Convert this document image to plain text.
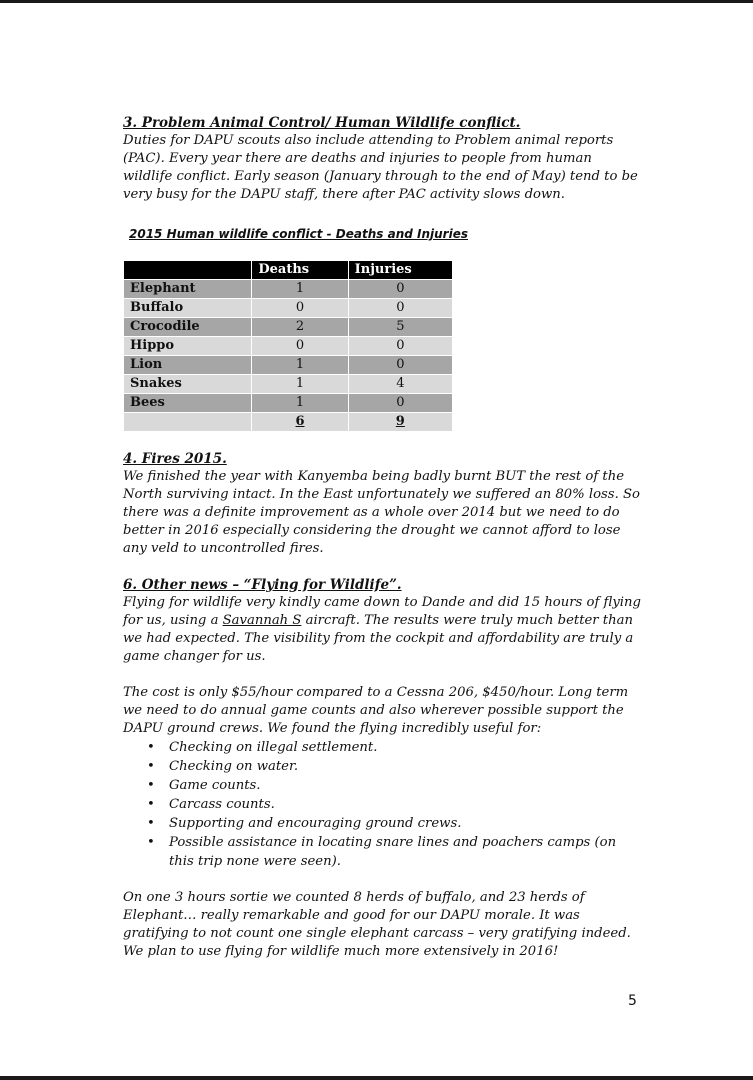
3. Problem Animal Control/ Human Wildlife conflict.

Duties for DAPU scouts also include attending to Problem animal reports (PAC). Every year there are deaths and injuries to people from human wildlife conflict. Early season (January through to the end of May) tend to be very busy for the DAPU staff, there after PAC activity slows down.

2015 Human wildlife conflict - Deaths and Injuries
	Deaths	Injuries
Elephant	1	0
Buffalo	0	0
Crocodile	2	5
Hippo	0	0
Lion	1	0
Snakes	1	4
Bees	1	0
	6	9
4. Fires 2015.

We finished the year with Kanyemba being badly burnt BUT the rest of the North surviving intact. In the East unfortunately we suffered an 80% loss. So there was a definite improvement as a whole over 2014 but we need to do better in 2016 especially considering the drought we cannot afford to lose any veld to uncontrolled fires.

6. Other news – “Flying for Wildlife”.

Flying for wildlife very kindly came down to Dande and did 15 hours of flying for us, using a Savannah S aircraft. The results were truly much better than we had expected. The visibility from the cockpit and affordability are truly a game changer for us.

The cost is only $55/hour compared to a Cessna 206, $450/hour. Long term we need to do annual game counts and also wherever possible support the DAPU ground crews. We found the flying incredibly useful for:

• Checking on illegal settlement.
• Checking on water.
• Game counts.
• Carcass counts.
• Supporting and encouraging ground crews.
• Possible assistance in locating snare lines and poachers camps (on this trip none were seen).

On one 3 hours sortie we counted 8 herds of buffalo, and 23 herds of Elephant… really remarkable and good for our DAPU morale. It was gratifying to not count one single elephant carcass – very gratifying indeed.

We plan to use flying for wildlife much more extensively in 2016!

5
